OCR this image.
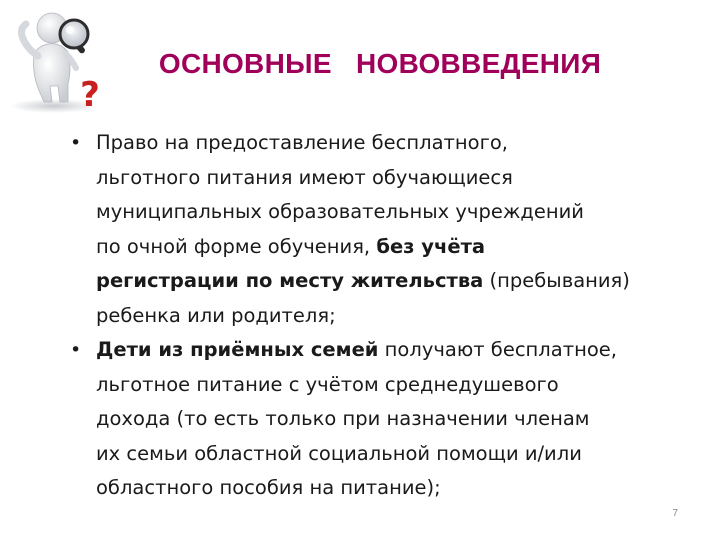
?
ОСНОВНЫЕ   НОВОВВЕДЕНИЯ
• Право на предоставление бесплатного,
льготного питания имеют обучающиеся
муниципальных образовательных учреждений
по очной форме обучения, без учёта
регистрации по месту жительства (пребывания)
ребенка или родителя;
• Дети из приёмных семей получают бесплатное,
льготное питание с учётом среднедушевого
дохода (то есть только при назначении членам
их семьи областной социальной помощи и/или
областного пособия на питание);
7
